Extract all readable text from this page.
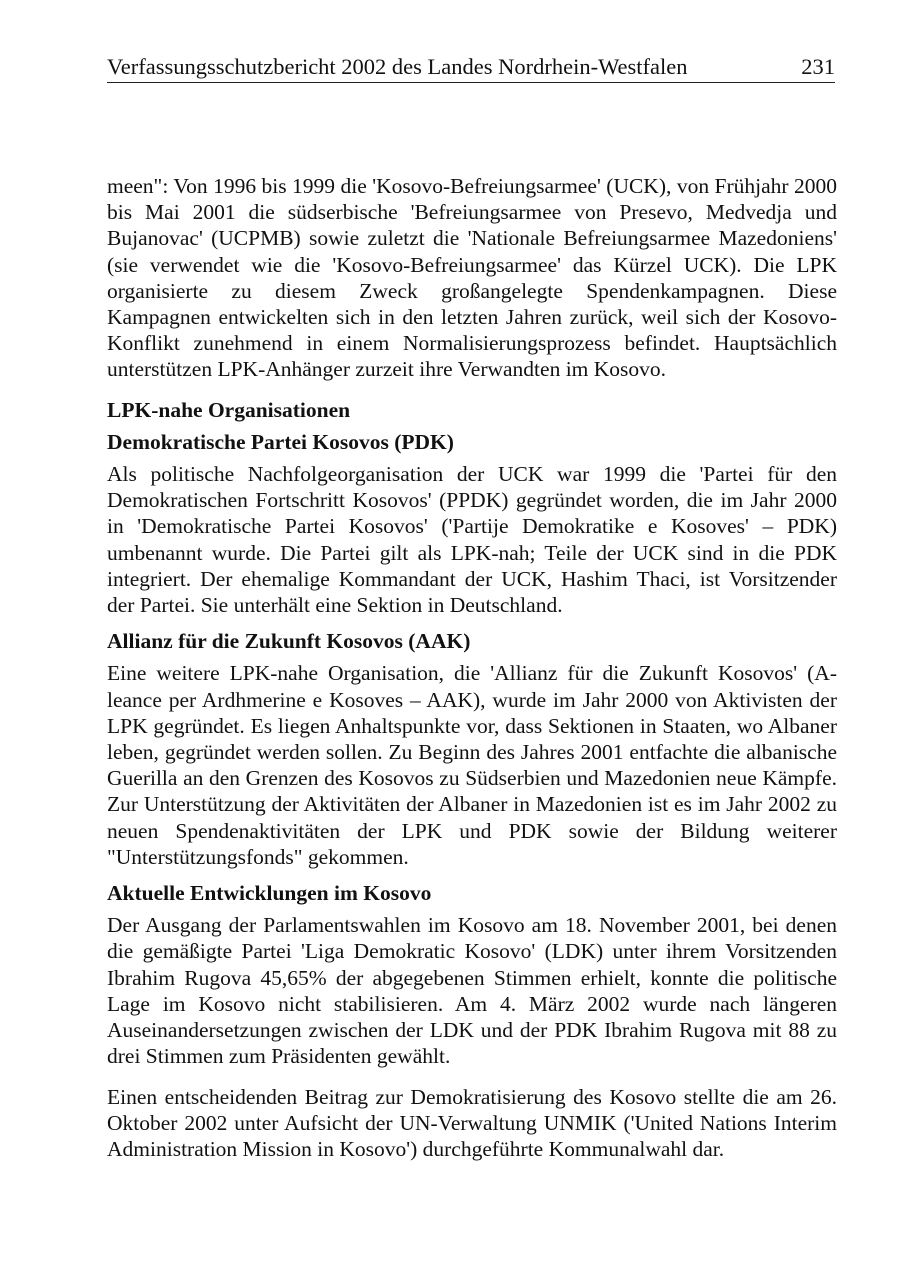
Verfassungsschutzbericht 2002 des Landes Nordrhein-Westfalen	231

meen": Von 1996 bis 1999 die 'Kosovo-Befreiungsarmee' (UCK), von Frühjahr 2000 bis Mai 2001 die südserbische 'Befreiungsarmee von Presevo, Medvedja und Bujanovac' (UCPMB) sowie zuletzt die 'Nationale Befreiungsarmee Mazedoniens' (sie verwendet wie die 'Kosovo-Befreiungsarmee' das Kürzel UCK). Die LPK organisierte zu diesem Zweck großangelegte Spendenkampagnen. Diese Kampagnen entwickelten sich in den letzten Jahren zurück, weil sich der Kosovo-Konflikt zunehmend in einem Normalisierungsprozess befindet. Hauptsächlich unterstützen LPK-Anhänger zurzeit ihre Verwandten im Kosovo.

LPK-nahe Organisationen
Demokratische Partei Kosovos (PDK)

Als politische Nachfolgeorganisation der UCK war 1999 die 'Partei für den Demokratischen Fortschritt Kosovos' (PPDK) gegründet worden, die im Jahr 2000 in 'Demokratische Partei Kosovos' ('Partije Demokratike e Kosoves' – PDK) umbenannt wurde. Die Partei gilt als LPK-nah; Teile der UCK sind in die PDK integriert. Der ehemalige Kommandant der UCK, Hashim Thaci, ist Vorsitzender der Partei. Sie unterhält eine Sektion in Deutschland.

Allianz für die Zukunft Kosovos (AAK)

Eine weitere LPK-nahe Organisation, die 'Allianz für die Zukunft Kosovos' (Aleance per Ardhmerine e Kosoves – AAK), wurde im Jahr 2000 von Aktivisten der LPK gegründet. Es liegen Anhaltspunkte vor, dass Sektionen in Staaten, wo Albaner leben, gegründet werden sollen. Zu Beginn des Jahres 2001 entfachte die albanische Guerilla an den Grenzen des Kosovos zu Südserbien und Mazedonien neue Kämpfe. Zur Unterstützung der Aktivitäten der Albaner in Mazedonien ist es im Jahr 2002 zu neuen Spendenaktivitäten der LPK und PDK sowie der Bildung weiterer "Unterstützungsfonds" gekommen.

Aktuelle Entwicklungen im Kosovo

Der Ausgang der Parlamentswahlen im Kosovo am 18. November 2001, bei denen die gemäßigte Partei 'Liga Demokratic Kosovo' (LDK) unter ihrem Vorsitzenden Ibrahim Rugova 45,65% der abgegebenen Stimmen erhielt, konnte die politische Lage im Kosovo nicht stabilisieren. Am 4. März 2002 wurde nach längeren Auseinandersetzungen zwischen der LDK und der PDK Ibrahim Rugova mit 88 zu drei Stimmen zum Präsidenten gewählt.

Einen entscheidenden Beitrag zur Demokratisierung des Kosovo stellte die am 26. Oktober 2002 unter Aufsicht der UN-Verwaltung UNMIK ('United Nations Interim Administration Mission in Kosovo') durchgeführte Kommunalwahl dar.
